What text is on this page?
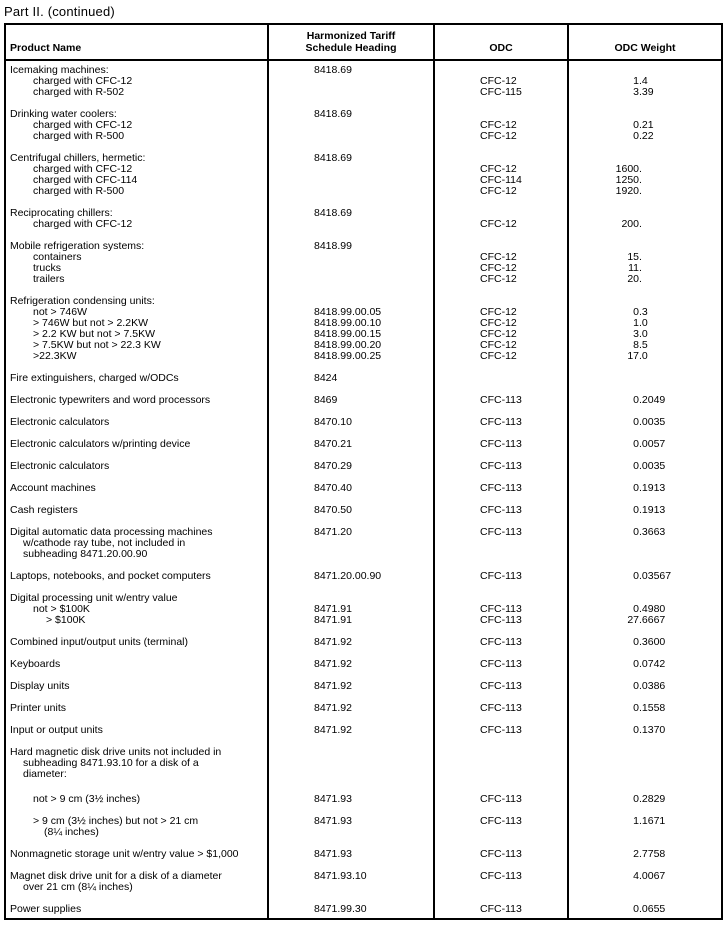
Part II. (continued)
Product Name	Harmonized Tariff
Schedule Heading	ODC	ODC Weight

Icemaking machines:	8418.69		
charged with CFC-12		CFC-12	1.4
charged with R-502		CFC-115	3.39

Drinking water coolers:	8418.69		
charged with CFC-12		CFC-12	0.21
charged with R-500		CFC-12	0.22

Centrifugal chillers, hermetic:	8418.69		
charged with CFC-12		CFC-12	1600.
charged with CFC-114		CFC-114	1250.
charged with R-500		CFC-12	1920.

Reciprocating chillers:	8418.69		
charged with CFC-12		CFC-12	200.

Mobile refrigeration systems:	8418.99		
containers		CFC-12	15.
trucks		CFC-12	11.
trailers		CFC-12	20.

Refrigeration condensing units:			
not > 746W	8418.99.00.05	CFC-12	0.3
> 746W but not > 2.2KW	8418.99.00.10	CFC-12	1.0
> 2.2 KW but not > 7.5KW	8418.99.00.15	CFC-12	3.0
> 7.5KW but not > 22.3 KW	8418.99.00.20	CFC-12	8.5
>22.3KW	8418.99.00.25	CFC-12	17.0

Fire extinguishers, charged w/ODCs	8424		

Electronic typewriters and word processors	8469	CFC-113	0.2049

Electronic calculators	8470.10	CFC-113	0.0035

Electronic calculators w/printing device	8470.21	CFC-113	0.0057

Electronic calculators	8470.29	CFC-113	0.0035

Account machines	8470.40	CFC-113	0.1913

Cash registers	8470.50	CFC-113	0.1913

Digital automatic data processing machines	8471.20	CFC-113	0.3663
w/cathode ray tube, not included in			
subheading 8471.20.00.90			

Laptops, notebooks, and pocket computers	8471.20.00.90	CFC-113	0.03567

Digital processing unit w/entry value			
not > $100K	8471.91	CFC-113	0.4980
> $100K	8471.91	CFC-113	27.6667

Combined input/output units (terminal)	8471.92	CFC-113	0.3600

Keyboards	8471.92	CFC-113	0.0742

Display units	8471.92	CFC-113	0.0386

Printer units	8471.92	CFC-113	0.1558

Input or output units	8471.92	CFC-113	0.1370

Hard magnetic disk drive units not included in			
subheading 8471.93.10 for a disk of a			
diameter:			

not > 9 cm (3½ inches)	8471.93	CFC-113	0.2829

> 9 cm (3½ inches) but not > 21 cm	8471.93	CFC-113	1.1671
(8¼ inches)			

Nonmagnetic storage unit w/entry value > $1,000	8471.93	CFC-113	2.7758

Magnet disk drive unit for a disk of a diameter	8471.93.10	CFC-113	4.0067
over 21 cm (8¼ inches)			

Power supplies	8471.99.30	CFC-113	0.0655
